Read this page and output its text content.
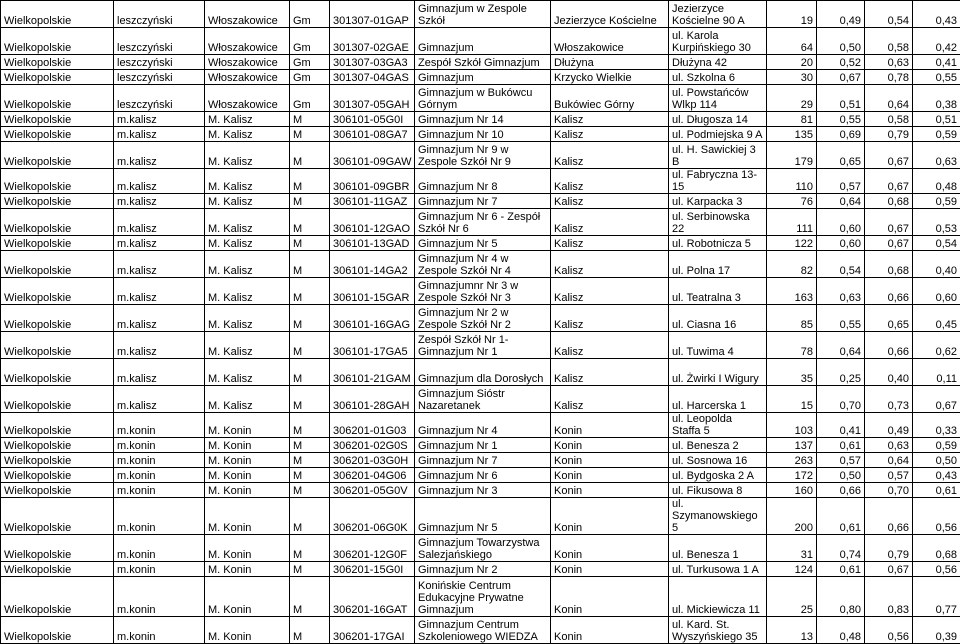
Wielkopolskie	leszczyński	Włoszakowice	Gm	301307-01GAP	Gimnazjum w Zespole Szkół	Jezierzyce Kościelne	Jezierzyce Kościelne 90 A	19	0,49	0,54	0,43
Wielkopolskie	leszczyński	Włoszakowice	Gm	301307-02GAE	Gimnazjum	Włoszakowice	ul. Karola Kurpińskiego 30	64	0,50	0,58	0,42
Wielkopolskie	leszczyński	Włoszakowice	Gm	301307-03GA3	Zespół Szkół Gimnazjum	Dłużyna	Dłużyna 42	20	0,52	0,63	0,41
Wielkopolskie	leszczyński	Włoszakowice	Gm	301307-04GAS	Gimnazjum	Krzycko Wielkie	ul. Szkolna 6	30	0,67	0,78	0,55
Wielkopolskie	leszczyński	Włoszakowice	Gm	301307-05GAH	Gimnazjum w Bukówcu Górnym	Bukówiec Górny	ul. Powstańców Wlkp 114	29	0,51	0,64	0,38
Wielkopolskie	m.kalisz	M. Kalisz	M	306101-05G0I	Gimnazjum Nr 14	Kalisz	ul. Długosza 14	81	0,55	0,58	0,51
Wielkopolskie	m.kalisz	M. Kalisz	M	306101-08GA7	Gimnazjum Nr 10	Kalisz	ul. Podmiejska 9 A	135	0,69	0,79	0,59
Wielkopolskie	m.kalisz	M. Kalisz	M	306101-09GAW	Gimnazjum Nr 9 w Zespole Szkół Nr 9	Kalisz	ul. H. Sawickiej 3 B	179	0,65	0,67	0,63
Wielkopolskie	m.kalisz	M. Kalisz	M	306101-09GBR	Gimnazjum Nr 8	Kalisz	ul. Fabryczna 13-15	110	0,57	0,67	0,48
Wielkopolskie	m.kalisz	M. Kalisz	M	306101-11GAZ	Gimnazjum Nr 7	Kalisz	ul. Karpacka 3	76	0,64	0,68	0,59
Wielkopolskie	m.kalisz	M. Kalisz	M	306101-12GAO	Gimnazjum Nr 6 - Zespół Szkół Nr 6	Kalisz	ul. Serbinowska 22	111	0,60	0,67	0,53
Wielkopolskie	m.kalisz	M. Kalisz	M	306101-13GAD	Gimnazjum Nr 5	Kalisz	ul. Robotnicza 5	122	0,60	0,67	0,54
Wielkopolskie	m.kalisz	M. Kalisz	M	306101-14GA2	Gimnazjum Nr 4 w Zespole Szkół Nr 4	Kalisz	ul. Polna 17	82	0,54	0,68	0,40
Wielkopolskie	m.kalisz	M. Kalisz	M	306101-15GAR	Gimnazjumnr Nr 3 w Zespole Szkół Nr 3	Kalisz	ul. Teatralna 3	163	0,63	0,66	0,60
Wielkopolskie	m.kalisz	M. Kalisz	M	306101-16GAG	Gimnazjum Nr 2 w Zespole Szkół Nr 2	Kalisz	ul. Ciasna 16	85	0,55	0,65	0,45
Wielkopolskie	m.kalisz	M. Kalisz	M	306101-17GA5	Zespół Szkół Nr 1- Gimnazjum Nr 1	Kalisz	ul. Tuwima 4	78	0,64	0,66	0,62
Wielkopolskie	m.kalisz	M. Kalisz	M	306101-21GAM	Gimnazjum dla Dorosłych	Kalisz	ul. Żwirki I Wigury	35	0,25	0,40	0,11
Wielkopolskie	m.kalisz	M. Kalisz	M	306101-28GAH	Gimnazjum Sióstr Nazaretanek	Kalisz	ul. Harcerska 1	15	0,70	0,73	0,67
Wielkopolskie	m.konin	M. Konin	M	306201-01G03	Gimnazjum Nr 4	Konin	ul. Leopolda Staffa 5	103	0,41	0,49	0,33
Wielkopolskie	m.konin	M. Konin	M	306201-02G0S	Gimnazjum Nr 1	Konin	ul. Benesza 2	137	0,61	0,63	0,59
Wielkopolskie	m.konin	M. Konin	M	306201-03G0H	Gimnazjum Nr 7	Konin	ul. Sosnowa 16	263	0,57	0,64	0,50
Wielkopolskie	m.konin	M. Konin	M	306201-04G06	Gimnazjum Nr 6	Konin	ul. Bydgoska 2 A	172	0,50	0,57	0,43
Wielkopolskie	m.konin	M. Konin	M	306201-05G0V	Gimnazjum Nr 3	Konin	ul. Fikusowa 8	160	0,66	0,70	0,61
Wielkopolskie	m.konin	M. Konin	M	306201-06G0K	Gimnazjum Nr 5	Konin	ul. Szymanowskiego 5	200	0,61	0,66	0,56
Wielkopolskie	m.konin	M. Konin	M	306201-12G0F	Gimnazjum Towarzystwa Salezjańskiego	Konin	ul. Benesza 1	31	0,74	0,79	0,68
Wielkopolskie	m.konin	M. Konin	M	306201-15G0I	Gimnazjum Nr 2	Konin	ul. Turkusowa 1 A	124	0,61	0,67	0,56
Wielkopolskie	m.konin	M. Konin	M	306201-16GAT	Konińskie Centrum Edukacyjne Prywatne Gimnazjum	Konin	ul. Mickiewicza 11	25	0,80	0,83	0,77
Wielkopolskie	m.konin	M. Konin	M	306201-17GAI	Gimnazjum Centrum Szkoleniowego WIEDZA	Konin	ul. Kard. St. Wyszyńskiego 35	13	0,48	0,56	0,39
